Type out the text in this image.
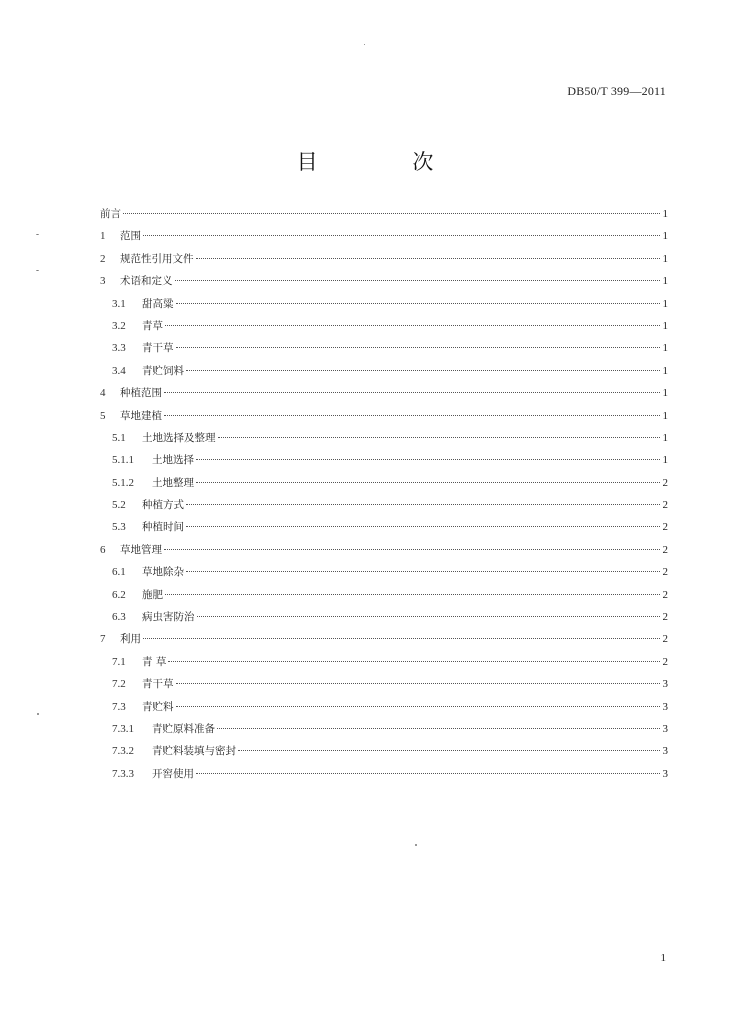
DB50/T 399—2011
目 次
前言	1
1	范围	1
2	规范性引用文件	1
3	术语和定义	1
3.1	甜高粱	1
3.2	青草	1
3.3	青干草	1
3.4	青贮饲料	1
4	种植范围	1
5	草地建植	1
5.1	土地选择及整理	1
5.1.1	土地选择	1
5.1.2	土地整理	2
5.2	种植方式	2
5.3	种植时间	2
6	草地管理	2
6.1	草地除杂	2
6.2	施肥	2
6.3	病虫害防治	2
7	利用	2
7.1	青 草	2
7.2	青干草	3
7.3	青贮料	3
7.3.1	青贮原料准备	3
7.3.2	青贮料装填与密封	3
7.3.3	开窖使用	3
1
